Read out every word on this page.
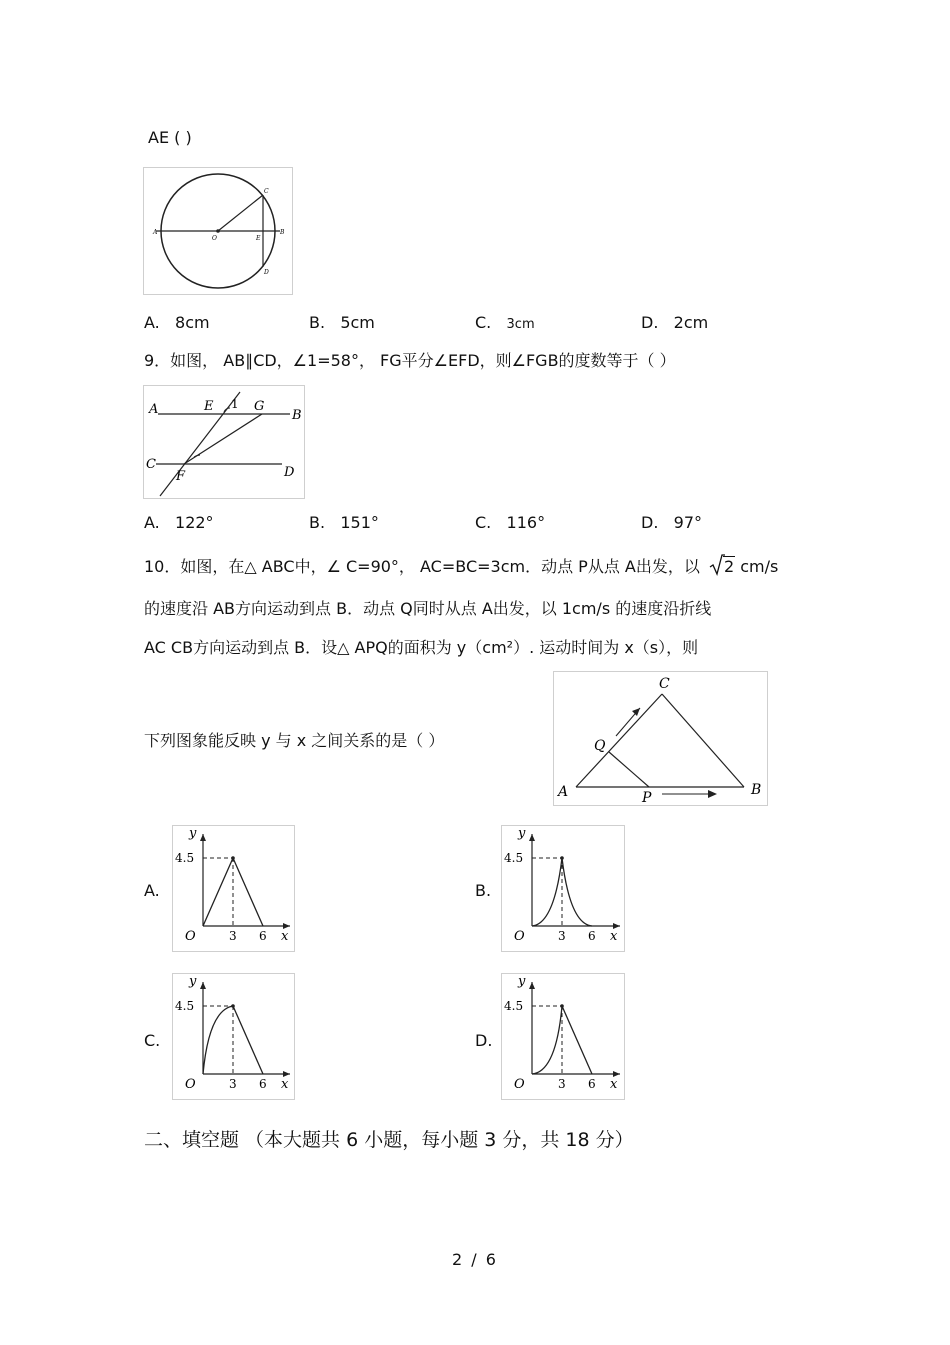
AE ( )
A
O	E
B
C
D
A. 8cm	B. 5cm	C. 3cm	D. 2cm
9．如图， AB∥CD，∠1=58°， FG平分∠EFD，则∠FGB的度数等于（ ）
A	E 1 G
B
C
F	D
A. 122°	B. 151°	C. 116°	D. 97°
10．如图，在△ ABC中，∠ C=90°， AC=BC=3cm．动点 P从点 A出发，以 2 cm/s
的速度沿 AB方向运动到点 B．动点 Q同时从点 A出发，以 1cm/s 的速度沿折线
AC CB方向运动到点 B．设△ APQ的面积为 y（cm²）. 运动时间为 x（s），则
下列图象能反映 y 与 x 之间关系的是（ ）
C
Q
A	P	B
A.
y
4.5
O	3 6 x
B.
y
4.5
O	3 6 x
C.
y
4.5
O	3 6 x
D.
y
4.5
O	3 6 x
二、填空题 （本大题共 6 小题，每小题 3 分，共 18 分）
2 / 6
